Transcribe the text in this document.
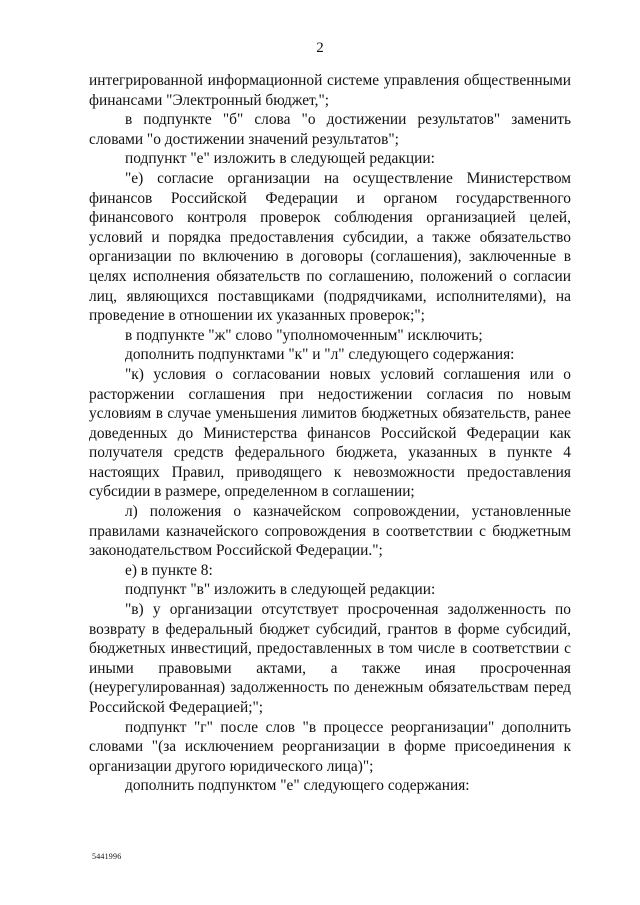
2

интегрированной информационной системе управления общественными финансами "Электронный бюджет,";

в подпункте "б" слова "о достижении результатов" заменить словами "о достижении значений результатов";

подпункт "е" изложить в следующей редакции:

"е) согласие организации на осуществление Министерством финансов Российской Федерации и органом государственного финансового контроля проверок соблюдения организацией целей, условий и порядка предоставления субсидии, а также обязательство организации по включению в договоры (соглашения), заключенные в целях исполнения обязательств по соглашению, положений о согласии лиц, являющихся поставщиками (подрядчиками, исполнителями), на проведение в отношении их указанных проверок;";

в подпункте "ж" слово "уполномоченным" исключить;

дополнить подпунктами "к" и "л" следующего содержания:

"к) условия о согласовании новых условий соглашения или о расторжении соглашения при недостижении согласия по новым условиям в случае уменьшения лимитов бюджетных обязательств, ранее доведенных до Министерства финансов Российской Федерации как получателя средств федерального бюджета, указанных в пункте 4 настоящих Правил, приводящего к невозможности предоставления субсидии в размере, определенном в соглашении;

л) положения о казначейском сопровождении, установленные правилами казначейского сопровождения в соответствии с бюджетным законодательством Российской Федерации.";

е) в пункте 8:

подпункт "в" изложить в следующей редакции:

"в) у организации отсутствует просроченная задолженность по возврату в федеральный бюджет субсидий, грантов в форме субсидий, бюджетных инвестиций, предоставленных в том числе в соответствии с иными правовыми актами, а также иная просроченная (неурегулированная) задолженность по денежным обязательствам перед Российской Федерацией;";

подпункт "г" после слов "в процессе реорганизации" дополнить словами "(за исключением реорганизации в форме присоединения к организации другого юридического лица)";

дополнить подпунктом "е" следующего содержания:

5441996
